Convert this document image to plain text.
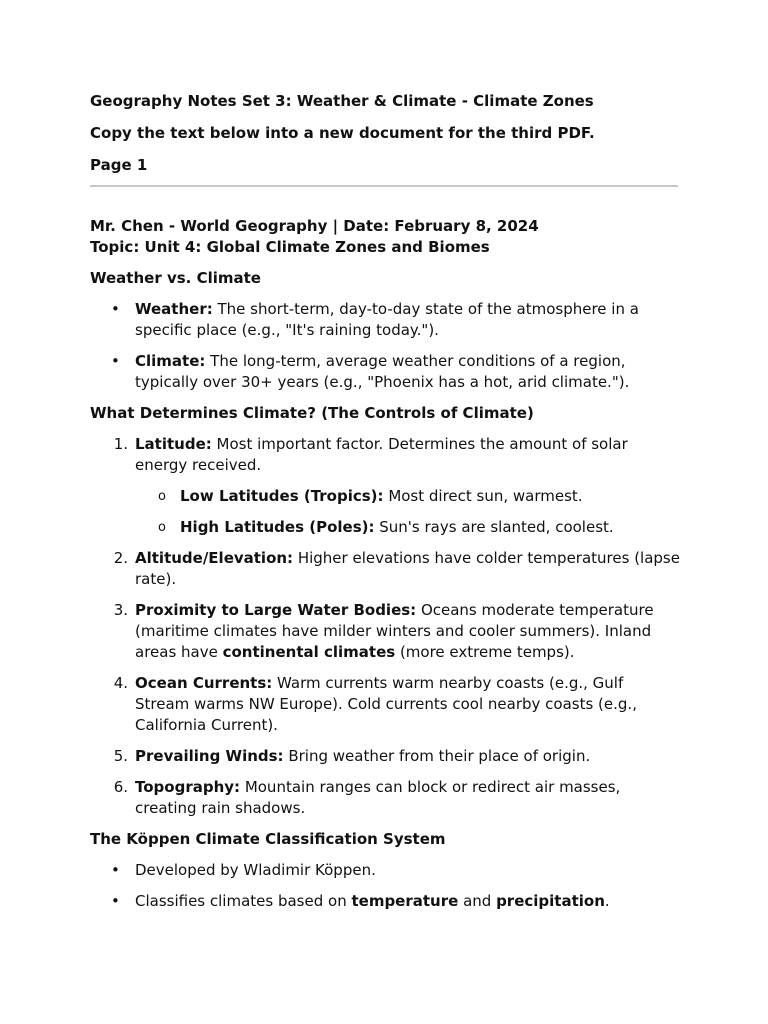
Geography Notes Set 3: Weather & Climate - Climate Zones

Copy the text below into a new document for the third PDF.

Page 1

Mr. Chen - World Geography | Date: February 8, 2024

Topic: Unit 4: Global Climate Zones and Biomes

Weather vs. Climate

•	Weather: The short-term, day-to-day state of the atmosphere in a specific place (e.g., "It's raining today.").
•	Climate: The long-term, average weather conditions of a region, typically over 30+ years (e.g., "Phoenix has a hot, arid climate.").

What Determines Climate? (The Controls of Climate)

1. Latitude: Most important factor. Determines the amount of solar energy received.
o Low Latitudes (Tropics): Most direct sun, warmest.
o High Latitudes (Poles): Sun's rays are slanted, coolest.
2. Altitude/Elevation: Higher elevations have colder temperatures (lapse rate).
3. Proximity to Large Water Bodies: Oceans moderate temperature (maritime climates have milder winters and cooler summers). Inland areas have continental climates (more extreme temps).
4. Ocean Currents: Warm currents warm nearby coasts (e.g., Gulf Stream warms NW Europe). Cold currents cool nearby coasts (e.g., California Current).
5. Prevailing Winds: Bring weather from their place of origin.
6. Topography: Mountain ranges can block or redirect air masses, creating rain shadows.

The Köppen Climate Classification System

•	Developed by Wladimir Köppen.
•	Classifies climates based on temperature and precipitation.
